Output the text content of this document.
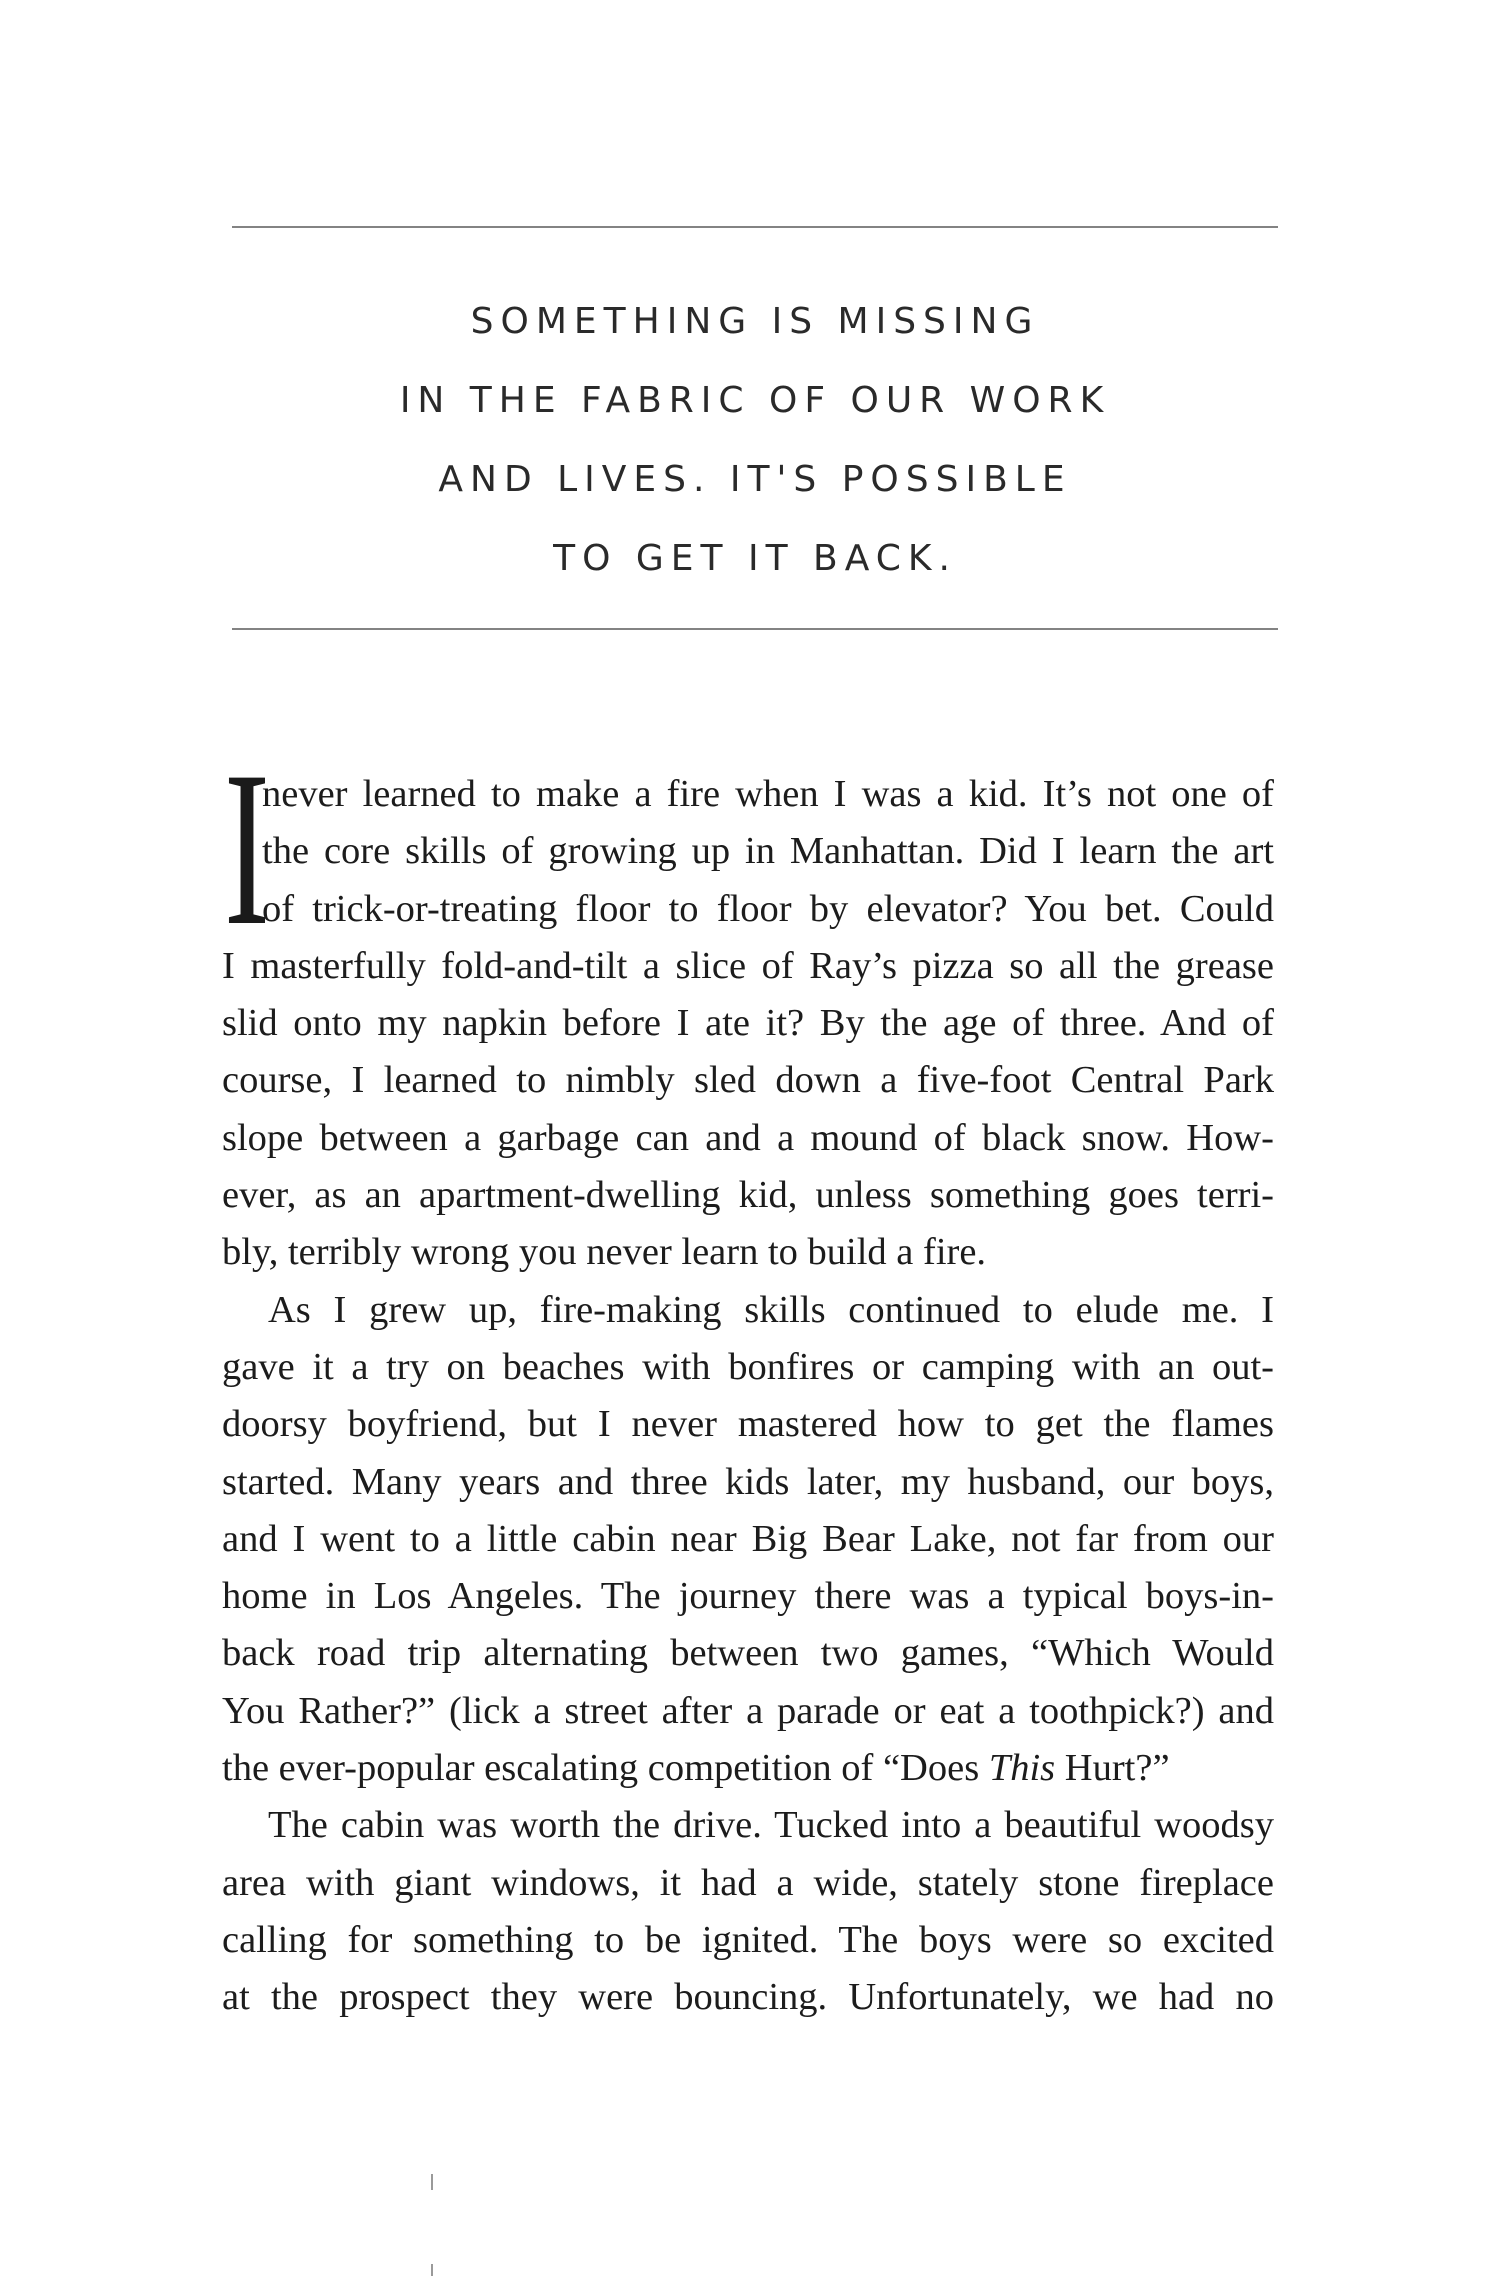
SOMETHING IS MISSING
IN THE FABRIC OF OUR WORK
AND LIVES. IT'S POSSIBLE
TO GET IT BACK.
I
never learned to make a fire when I was a kid. It’s not one of
the core skills of growing up in Manhattan. Did I learn the art
of trick-or-treating floor to floor by elevator? You bet. Could
I masterfully fold-and-tilt a slice of Ray’s pizza so all the grease
slid onto my napkin before I ate it? By the age of three. And of
course, I learned to nimbly sled down a five-foot Central Park
slope between a garbage can and a mound of black snow. How-
ever, as an apartment-dwelling kid, unless something goes terri-
bly, terribly wrong you never learn to build a fire.
As I grew up, fire-making skills continued to elude me. I
gave it a try on beaches with bonfires or camping with an out-
doorsy boyfriend, but I never mastered how to get the flames
started. Many years and three kids later, my husband, our boys,
and I went to a little cabin near Big Bear Lake, not far from our
home in Los Angeles. The journey there was a typical boys-in-
back road trip alternating between two games, “Which Would
You Rather?” (lick a street after a parade or eat a toothpick?) and
the ever-popular escalating competition of “Does This Hurt?”
The cabin was worth the drive. Tucked into a beautiful woodsy
area with giant windows, it had a wide, stately stone fireplace
calling for something to be ignited. The boys were so excited
at the prospect they were bouncing. Unfortunately, we had no
